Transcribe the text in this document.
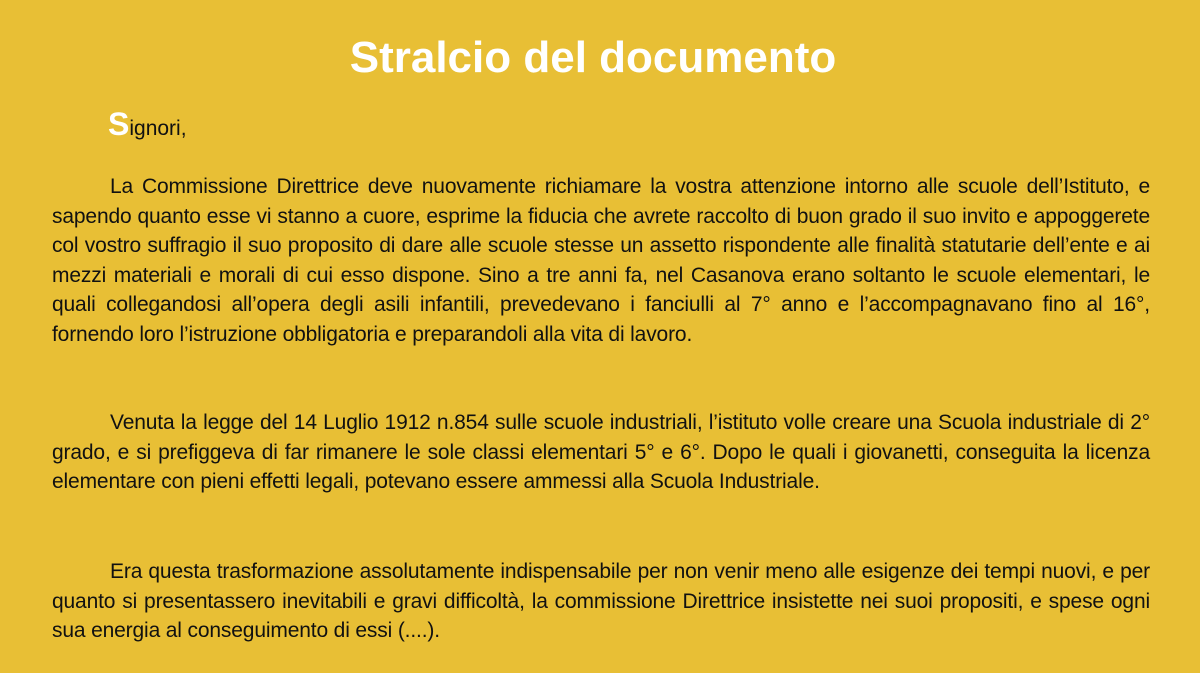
Stralcio del documento

Signori,

La Commissione Direttrice deve nuovamente richiamare la vostra attenzione intorno alle scuole dell’Istituto, e sapendo quanto esse vi stanno a cuore, esprime la fiducia che avrete raccolto di buon grado il suo invito e appoggerete col vostro suffragio il suo proposito di dare alle scuole stesse un assetto rispondente alle finalità statutarie dell’ente e ai mezzi materiali e morali di cui esso dispone. Sino a tre anni fa, nel Casanova erano soltanto le scuole elementari, le quali collegandosi all’opera degli asili infantili, prevedevano i fanciulli al 7° anno e l’accompagnavano fino al 16°, fornendo loro l’istruzione obbligatoria e preparandoli alla vita di lavoro.

Venuta la legge del 14 Luglio 1912 n.854 sulle scuole industriali, l’istituto volle creare una Scuola industriale di 2° grado, e si prefiggeva di far rimanere le sole classi elementari 5° e 6°. Dopo le quali i giovanetti, conseguita la licenza elementare con pieni effetti legali, potevano essere ammessi alla Scuola Industriale.

Era questa trasformazione assolutamente indispensabile per non venir meno alle esigenze dei tempi nuovi, e per quanto si presentassero inevitabili e gravi difficoltà, la commissione Direttrice insistette nei suoi propositi, e spese ogni sua energia al conseguimento di essi (....).
